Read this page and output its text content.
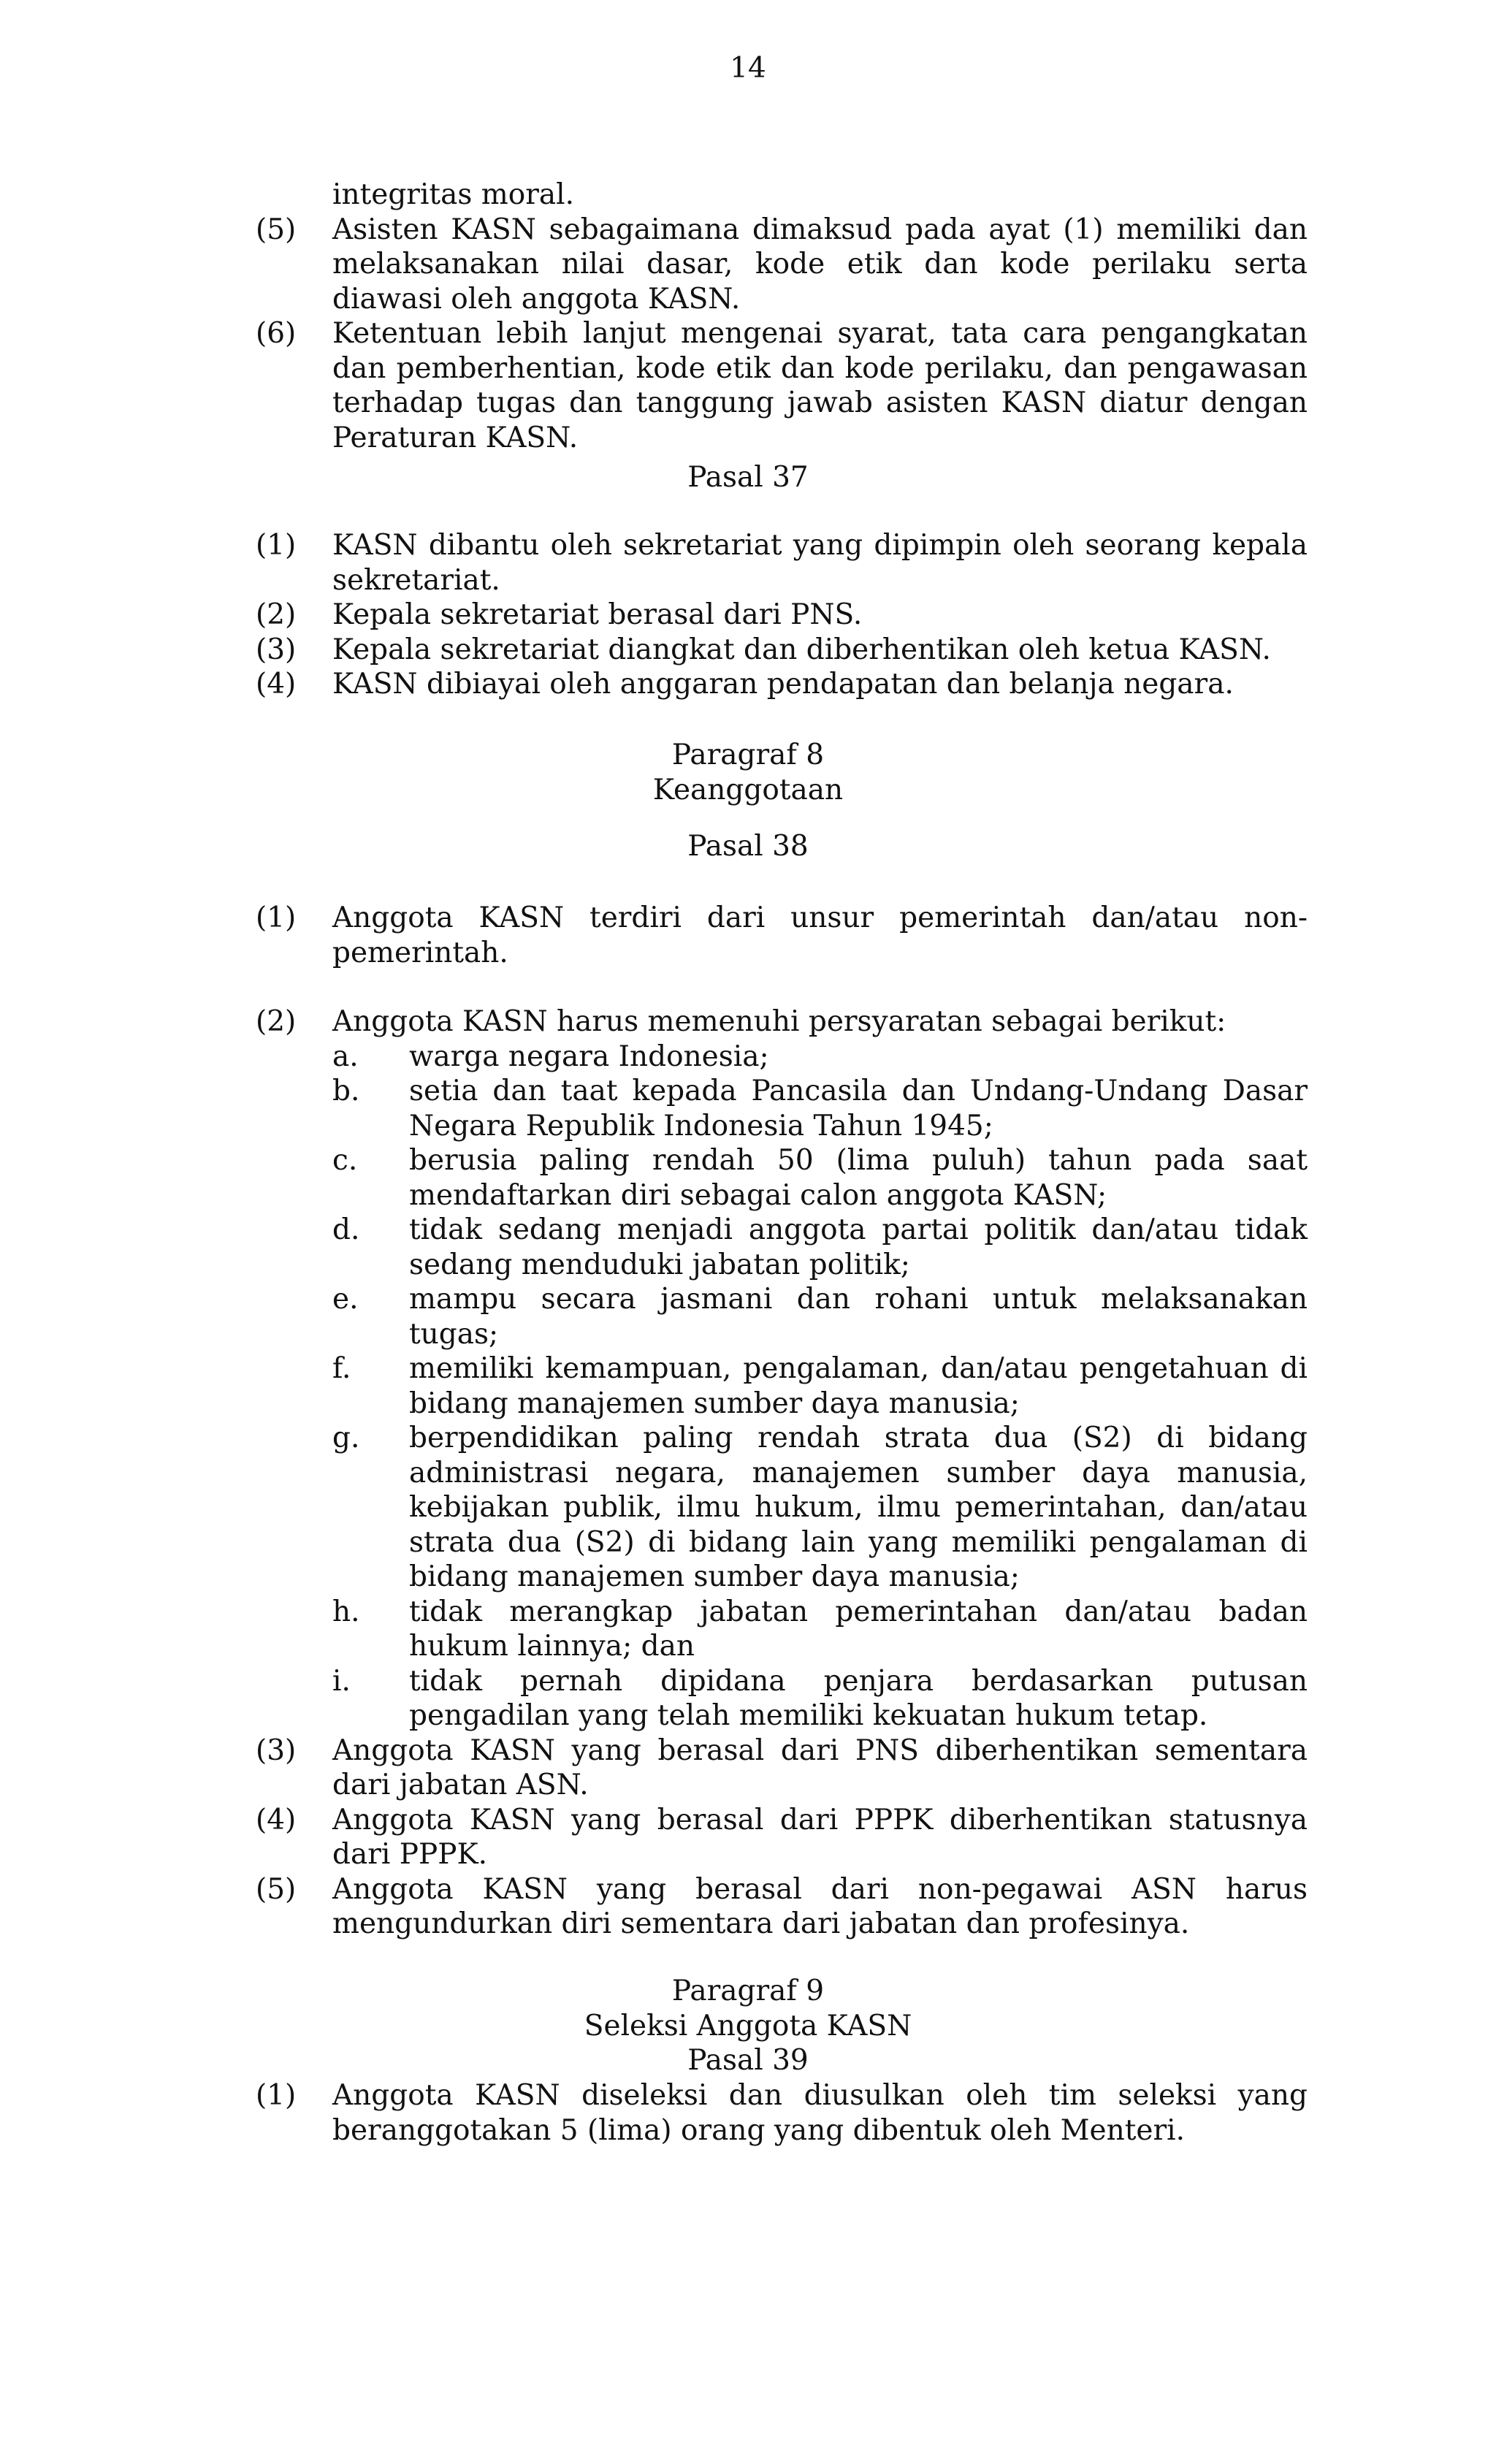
14
integritas moral.
(5) Asisten KASN sebagaimana dimaksud pada ayat (1) memiliki dan melaksanakan nilai dasar, kode etik dan kode perilaku serta diawasi oleh anggota KASN.
(6) Ketentuan lebih lanjut mengenai syarat, tata cara pengangkatan dan pemberhentian, kode etik dan kode perilaku, dan pengawasan terhadap tugas dan tanggung jawab asisten KASN diatur dengan Peraturan KASN.
Pasal 37
(1) KASN dibantu oleh sekretariat yang dipimpin oleh seorang kepala sekretariat.
(2) Kepala sekretariat berasal dari PNS.
(3) Kepala sekretariat diangkat dan diberhentikan oleh ketua KASN.
(4) KASN dibiayai oleh anggaran pendapatan dan belanja negara.
Paragraf 8
Keanggotaan
Pasal 38
(1) Anggota KASN terdiri dari unsur pemerintah dan/atau non-pemerintah.
(2) Anggota KASN harus memenuhi persyaratan sebagai berikut:
a. warga negara Indonesia;
b. setia dan taat kepada Pancasila dan Undang-Undang Dasar Negara Republik Indonesia Tahun 1945;
c. berusia paling rendah 50 (lima puluh) tahun pada saat mendaftarkan diri sebagai calon anggota KASN;
d. tidak sedang menjadi anggota partai politik dan/atau tidak sedang menduduki jabatan politik;
e. mampu secara jasmani dan rohani untuk melaksanakan tugas;
f. memiliki kemampuan, pengalaman, dan/atau pengetahuan di bidang manajemen sumber daya manusia;
g. berpendidikan paling rendah strata dua (S2) di bidang administrasi negara, manajemen sumber daya manusia, kebijakan publik, ilmu hukum, ilmu pemerintahan, dan/atau strata dua (S2) di bidang lain yang memiliki pengalaman di bidang manajemen sumber daya manusia;
h. tidak merangkap jabatan pemerintahan dan/atau badan hukum lainnya; dan
i. tidak pernah dipidana penjara berdasarkan putusan pengadilan yang telah memiliki kekuatan hukum tetap.
(3) Anggota KASN yang berasal dari PNS diberhentikan sementara dari jabatan ASN.
(4) Anggota KASN yang berasal dari PPPK diberhentikan statusnya dari PPPK.
(5) Anggota KASN yang berasal dari non-pegawai ASN harus mengundurkan diri sementara dari jabatan dan profesinya.
Paragraf 9
Seleksi Anggota KASN
Pasal 39
(1) Anggota KASN diseleksi dan diusulkan oleh tim seleksi yang beranggotakan 5 (lima) orang yang dibentuk oleh Menteri.
